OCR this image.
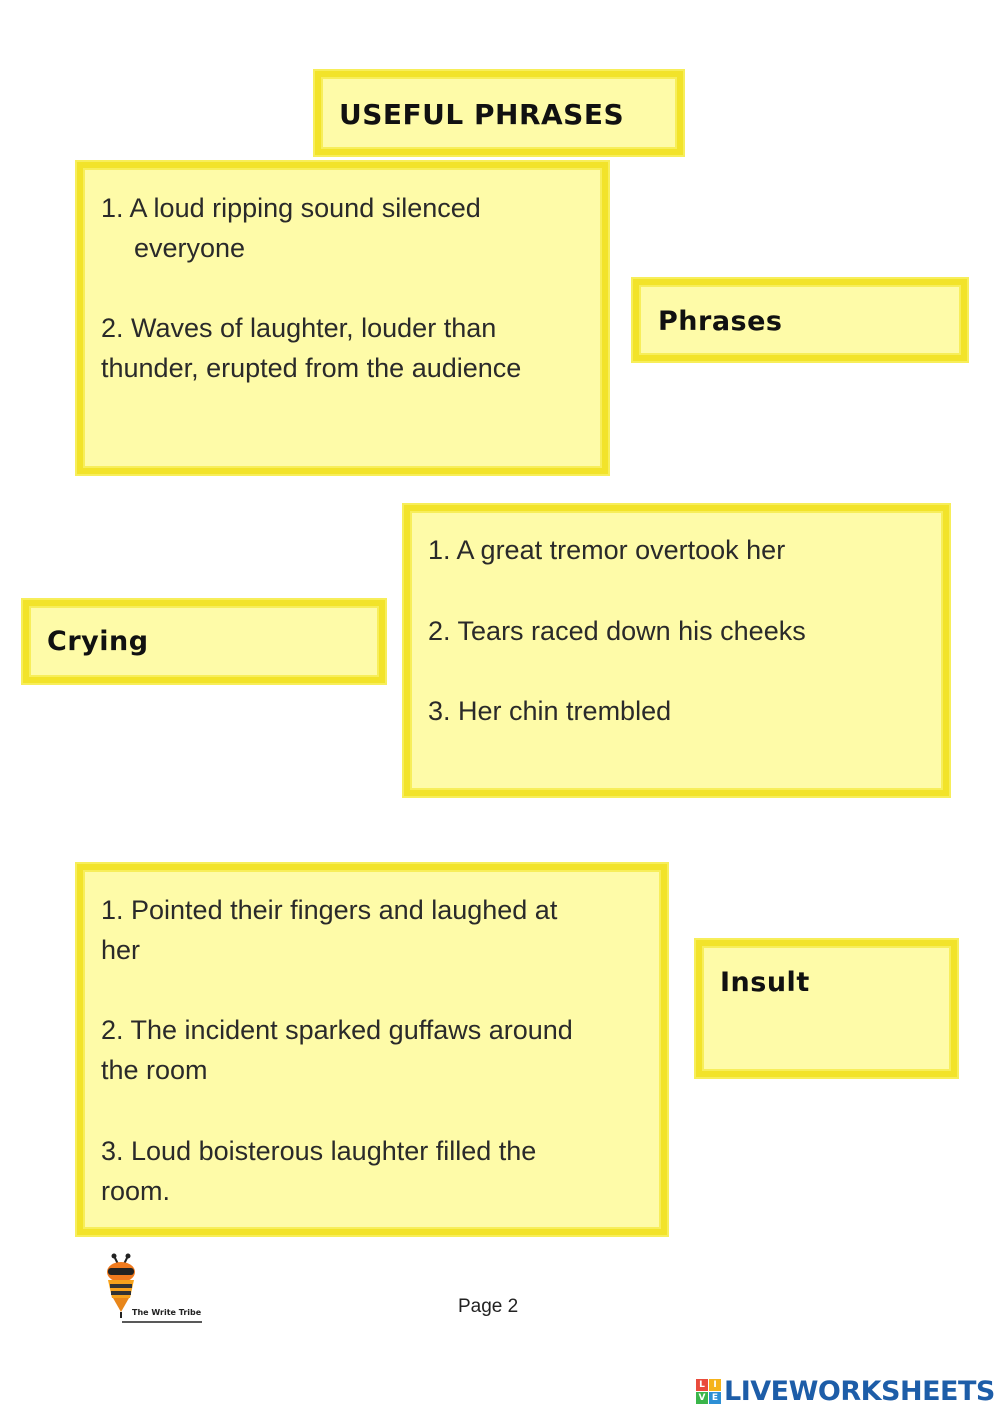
USEFUL PHRASES
1. A loud ripping sound silenced
everyone
2. Waves of laughter, louder than
thunder, erupted from the audience
Phrases
Crying
1. A great tremor overtook her
2. Tears raced down his cheeks
3. Her chin trembled
1. Pointed their fingers and laughed at
her
2. The incident sparked guffaws around
the room
3. Loud boisterous laughter filled the
room.
Insult
The Write Tribe	Page 2
L I
V E LIVEWORKSHEETS
